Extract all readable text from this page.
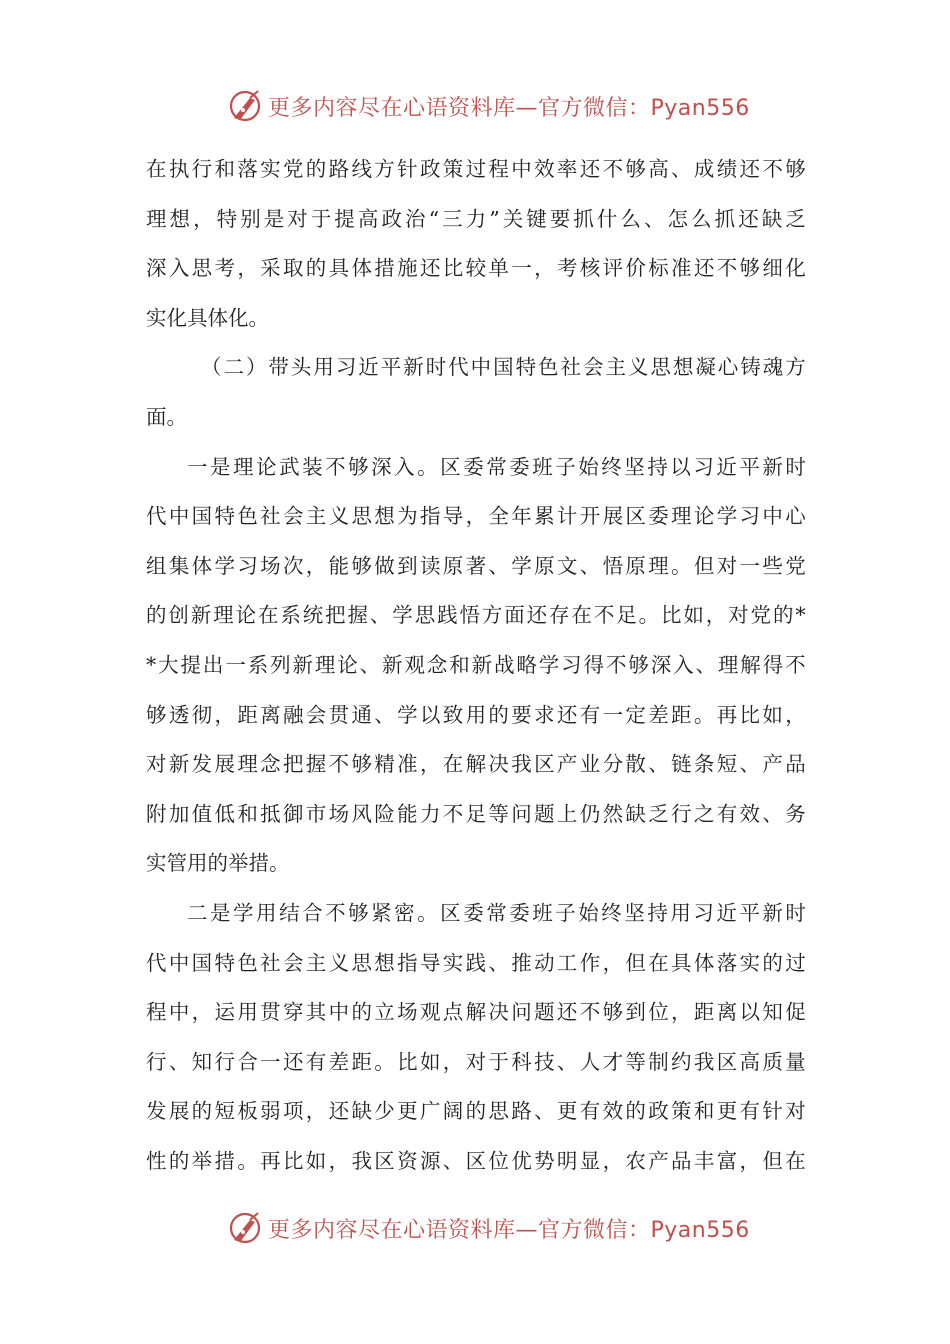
更多内容尽在心语资料库—官方微信：Pyan556
在 执 行 和 落 实 党 的 路 线 方 针 政 策 过 程 中 效 率 还 不 够 高 、 成 绩 还 不 够
理 想 ， 特 别 是 对 于 提 高 政 治 “ 三 力 ” 关 键 要 抓 什 么 、 怎 么 抓 还 缺 乏
深 入 思 考 ， 采 取 的 具 体 措 施 还 比 较 单 一 ， 考 核 评 价 标 准 还 不 够 细 化
实化具体化。
（ 二 ） 带 头 用 习 近 平 新 时 代 中 国 特 色 社 会 主 义 思 想 凝 心 铸 魂 方
面。
一 是 理 论 武 装 不 够 深 入 。 区 委 常 委 班 子 始 终 坚 持 以 习 近 平 新 时
代 中 国 特 色 社 会 主 义 思 想 为 指 导 ， 全 年 累 计 开 展 区 委 理 论 学 习 中 心
组 集 体 学 习 场 次 ， 能 够 做 到 读 原 著 、 学 原 文 、 悟 原 理 。 但 对 一 些 党
的 创 新 理 论 在 系 统 把 握 、 学 思 践 悟 方 面 还 存 在 不 足 。 比 如 ， 对 党 的 *
* 大 提 出 一 系 列 新 理 论 、 新 观 念 和 新 战 略 学 习 得 不 够 深 入 、 理 解 得 不
够 透 彻 ， 距 离 融 会 贯 通 、 学 以 致 用 的 要 求 还 有 一 定 差 距 。 再 比 如 ，
对 新 发 展 理 念 把 握 不 够 精 准 ， 在 解 决 我 区 产 业 分 散 、 链 条 短 、 产 品
附 加 值 低 和 抵 御 市 场 风 险 能 力 不 足 等 问 题 上 仍 然 缺 乏 行 之 有 效 、 务
实管用的举措。
二 是 学 用 结 合 不 够 紧 密 。 区 委 常 委 班 子 始 终 坚 持 用 习 近 平 新 时
代 中 国 特 色 社 会 主 义 思 想 指 导 实 践 、 推 动 工 作 ， 但 在 具 体 落 实 的 过
程 中 ， 运 用 贯 穿 其 中 的 立 场 观 点 解 决 问 题 还 不 够 到 位 ， 距 离 以 知 促
行 、 知 行 合 一 还 有 差 距 。 比 如 ， 对 于 科 技 、 人 才 等 制 约 我 区 高 质 量
发 展 的 短 板 弱 项 ， 还 缺 少 更 广 阔 的 思 路 、 更 有 效 的 政 策 和 更 有 针 对
性 的 举 措 。 再 比 如 ， 我 区 资 源 、 区 位 优 势 明 显 ， 农 产 品 丰 富 ， 但 在
更多内容尽在心语资料库—官方微信：Pyan556
